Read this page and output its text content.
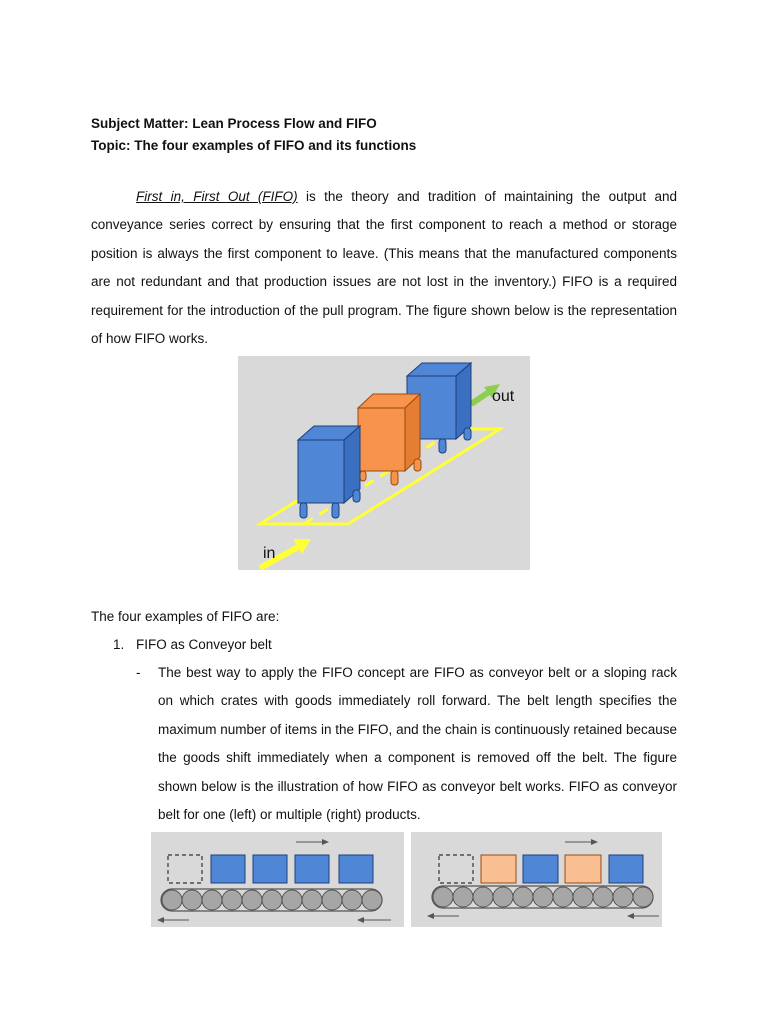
Subject Matter: Lean Process Flow and FIFO
Topic: The four examples of FIFO and its functions

First in, First Out (FIFO) is the theory and tradition of maintaining the output and conveyance series correct by ensuring that the first component to reach a method or storage position is always the first component to leave. (This means that the manufactured components are not redundant and that production issues are not lost in the inventory.) FIFO is a required requirement for the introduction of the pull program. The figure shown below is the representation of how FIFO works.

in
out
The four examples of FIFO are:
1. FIFO as Conveyor belt
- The best way to apply the FIFO concept are FIFO as conveyor belt or a sloping rack on which crates with goods immediately roll forward. The belt length specifies the maximum number of items in the FIFO, and the chain is continuously retained because the goods shift immediately when a component is removed off the belt. The figure shown below is the illustration of how FIFO as conveyor belt works. FIFO as conveyor belt for one (left) or multiple (right) products.
